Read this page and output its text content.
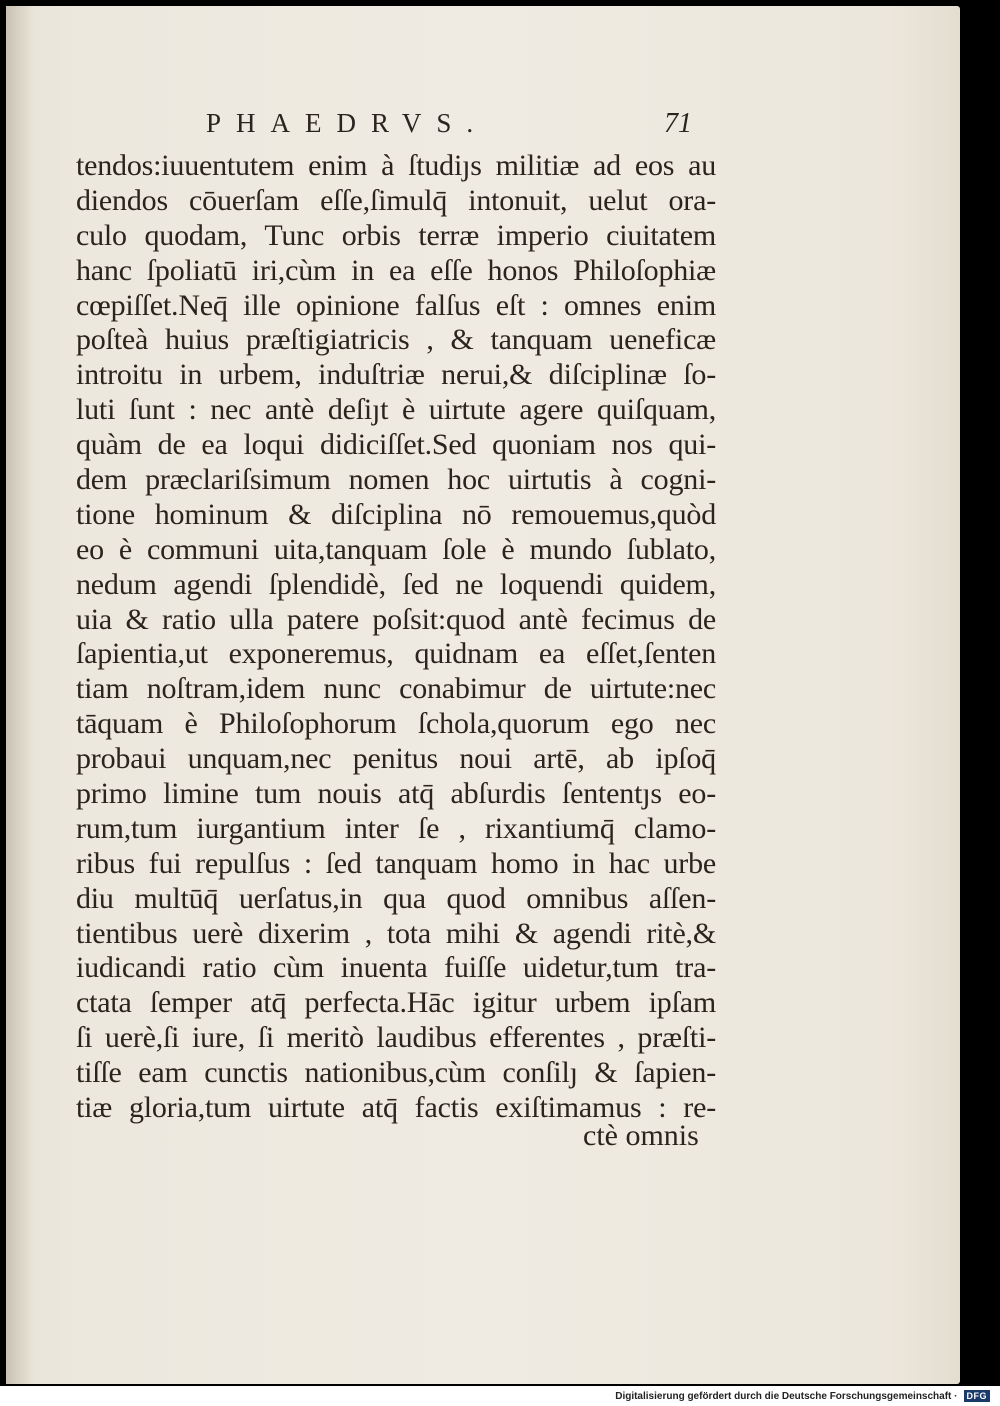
PHAEDRVS.	71
tendos:iuuentutem enim à ſtudiȷs militiæ ad eos au
diendos cōuerſam eſſe,ſimulq̄ intonuit, uelut ora-
culo quodam, Tunc orbis terræ imperio ciuitatem
hanc ſpoliatū iri,cùm in ea eſſe honos Philoſophiæ
cœpiſſet.Neq̄ ille opinione falſus eſt : omnes enim
poſteà huius præſtigiatricis , & tanquam ueneficæ
introitu in urbem, induſtriæ nerui,& diſciplinæ ſo-
luti ſunt : nec antè deſiȷt è uirtute agere quiſquam,
quàm de ea loqui didiciſſet.Sed quoniam nos qui-
dem præclariſsimum nomen hoc uirtutis à cogni-
tione hominum & diſciplina nō remouemus,quòd
eo è communi uita,tanquam ſole è mundo ſublato,
nedum agendi ſplendidè, ſed ne loquendi quidem,
uia & ratio ulla patere poſsit:quod antè fecimus de
ſapientia,ut exponeremus, quidnam ea eſſet,ſenten
tiam noſtram,idem nunc conabimur de uirtute:nec
tāquam è Philoſophorum ſchola,quorum ego nec
probaui unquam,nec penitus noui artē, ab ipſoq̄
primo limine tum nouis atq̄ abſurdis ſententȷs eo-
rum,tum iurgantium inter ſe , rixantiumq̄ clamo-
ribus fui repulſus : ſed tanquam homo in hac urbe
diu multūq̄ uerſatus,in qua quod omnibus aſſen-
tientibus uerè dixerim , tota mihi & agendi ritè,&
iudicandi ratio cùm inuenta fuiſſe uidetur,tum tra-
ctata ſemper atq̄ perfecta.Hāc igitur urbem ipſam
ſi uerè,ſi iure, ſi meritò laudibus efferentes , præſti-
tiſſe eam cunctis nationibus,cùm conſilȷ & ſapien-
tiæ gloria,tum uirtute atq̄ factis exiſtimamus : re-
ctè omnis
Digitalisierung gefördert durch die Deutsche Forschungsgemeinschaft ·	DFG
